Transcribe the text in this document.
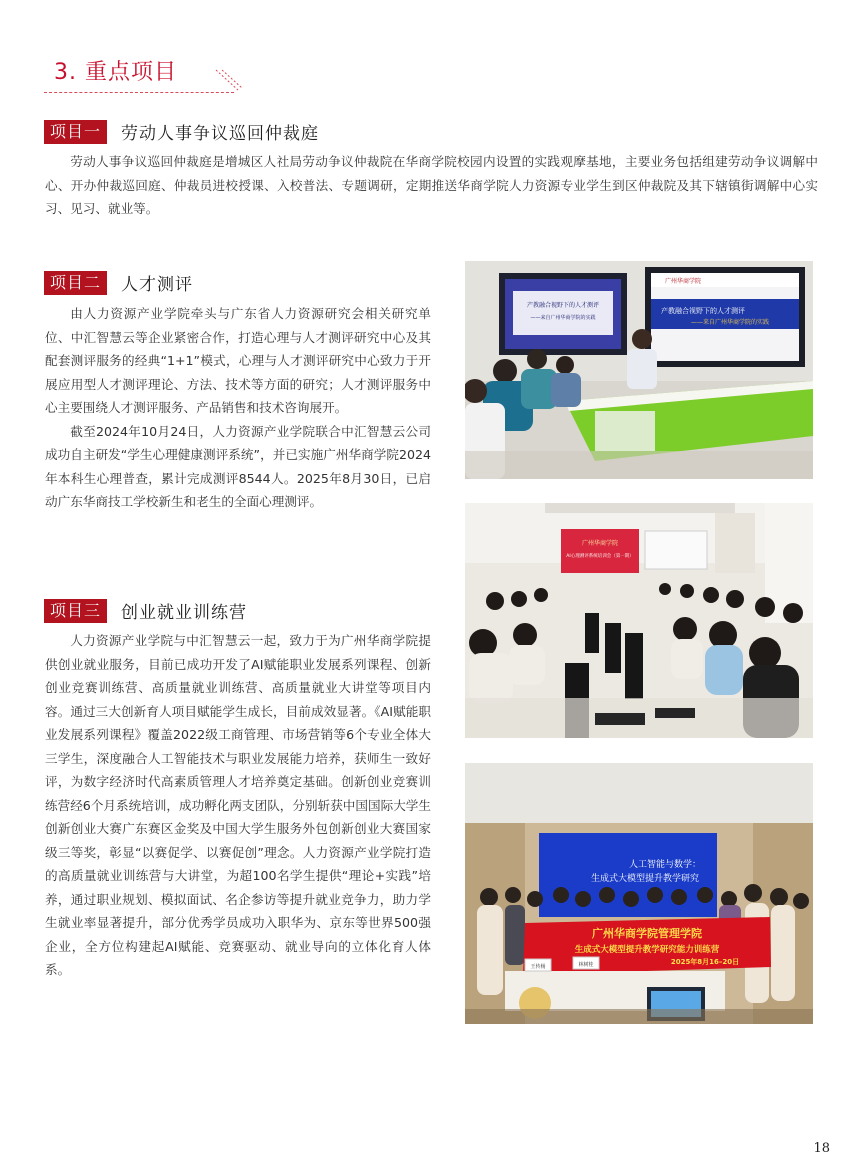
3. 重点项目
项目一	劳动人事争议巡回仲裁庭

劳动人事争议巡回仲裁庭是增城区人社局劳动争议仲裁院在华商学院校园内设置的实践观摩基地，主要业务包括组建劳动争议调解中心、开办仲裁巡回庭、仲裁员进校授课、入校普法、专题调研，定期推送华商学院人力资源专业学生到区仲裁院及其下辖镇街调解中心实习、见习、就业等。

项目二	人才测评

由人力资源产业学院牵头与广东省人力资源研究会相关研究单位、中汇智慧云等企业紧密合作，打造心理与人才测评研究中心及其配套测评服务的经典“1+1”模式，心理与人才测评研究中心致力于开展应用型人才测评理论、方法、技术等方面的研究；人才测评服务中心主要围绕人才测评服务、产品销售和技术咨询展开。

截至2024年10月24日，人力资源产业学院联合中汇智慧云公司成功自主研发“学生心理健康测评系统”，并已实施广州华商学院2024年本科生心理普查，累计完成测评8544人。2025年8月30日，已启动广东华商技工学校新生和老生的全面心理测评。

项目三	创业就业训练营

人力资源产业学院与中汇智慧云一起，致力于为广州华商学院提供创业就业服务，目前已成功开发了AI赋能职业发展系列课程、创新创业竞赛训练营、高质量就业训练营、高质量就业大讲堂等项目内容。通过三大创新育人项目赋能学生成长，目前成效显著。《AI赋能职业发展系列课程》覆盖2022级工商管理、市场营销等6个专业全体大三学生，深度融合人工智能技术与职业发展能力培养，获师生一致好评，为数字经济时代高素质管理人才培养奠定基础。创新创业竞赛训练营经6个月系统培训，成功孵化两支团队，分别斩获中国国际大学生创新创业大赛广东赛区金奖及中国大学生服务外包创新创业大赛国家级三等奖，彰显“以赛促学、以赛促创”理念。人力资源产业学院打造的高质量就业训练营与大讲堂，为超100名学生提供“理论+实践”培养，通过职业规划、模拟面试、名企参访等提升就业竞争力，助力学生就业率显著提升，部分优秀学员成功入职华为、京东等世界500强企业，全方位构建起AI赋能、竞赛驱动、就业导向的立体化育人体系。

产教融合视野下的人才测评
——来自广州华商学院的实践
广州华商学院
产教融合视野下的人才测评
——来自广州华商学院的实践
广州华商学院
AI心理测评系统培训会（第一期）
人工智能与数学：
生成式大模型提升教学研究
广州华商学院管理学院
生成式大模型提升教学研究能力训练营
2025年8月16–20日
王传杨	林树桂
18
